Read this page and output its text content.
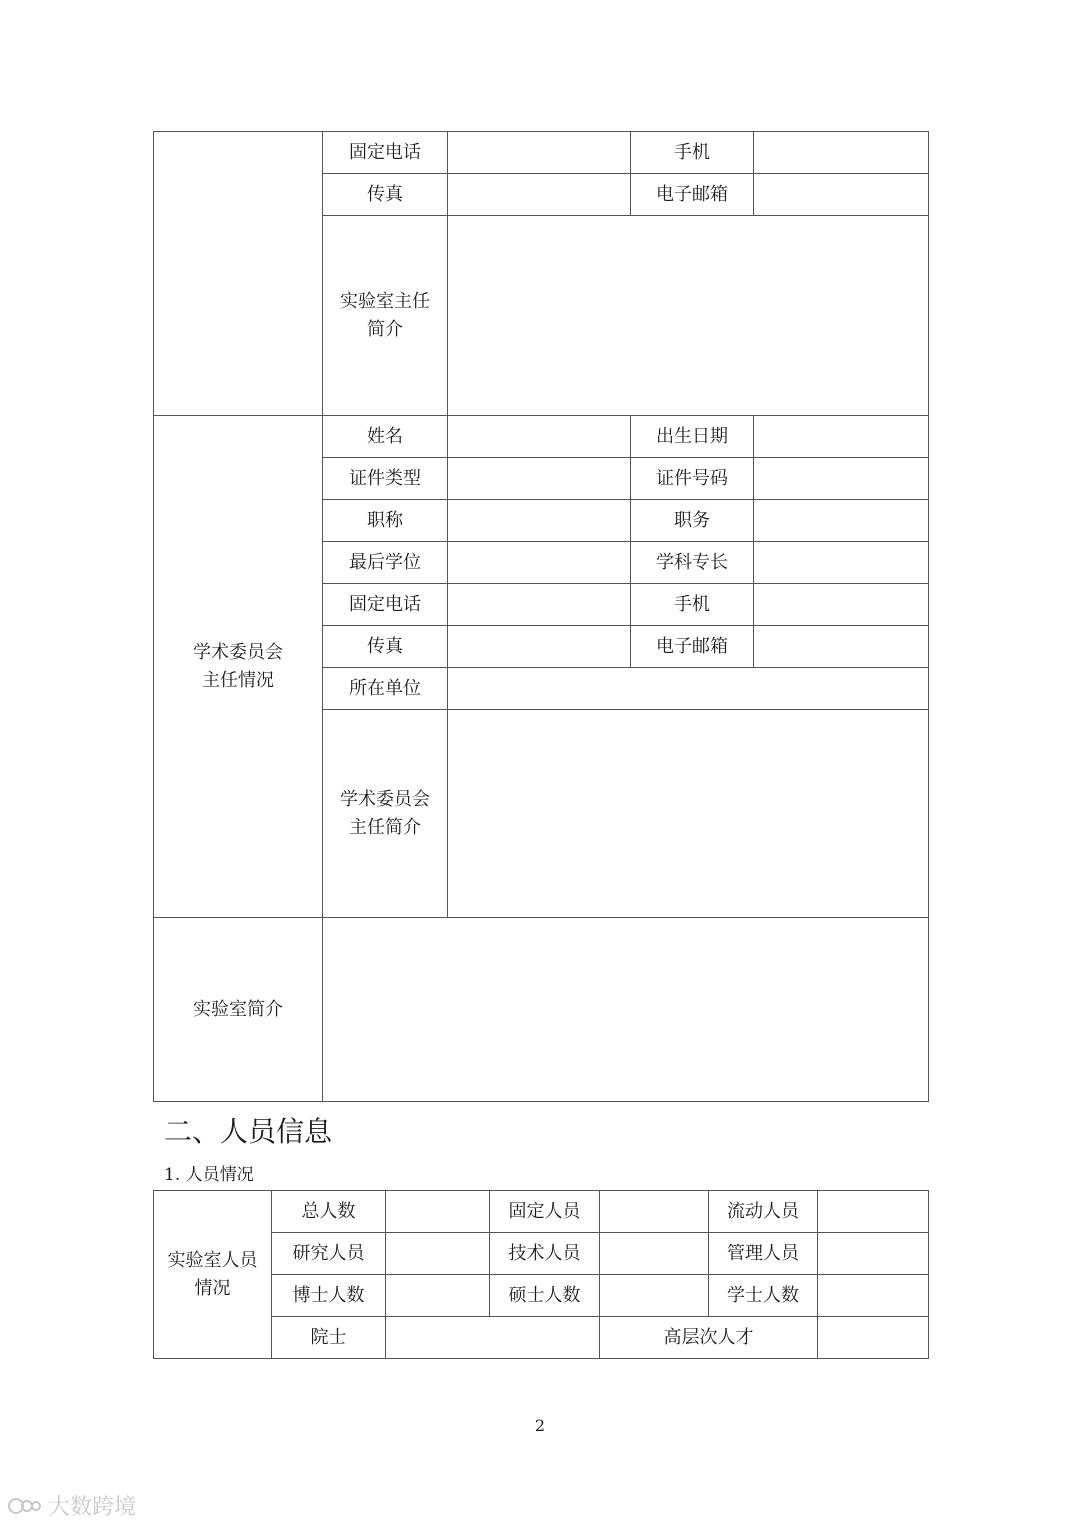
	固定电话		手机	
	传真		电子邮箱	
	实验室主任
简介			
学术委员会
主任情况	姓名		出生日期	
	证件类型		证件号码	
	职称		职务	
	最后学位		学科专长	
	固定电话		手机	
	传真		电子邮箱	
	所在单位			
	学术委员会
主任简介			
实验室简介				
二、人员信息
1. 人员情况
实验室人员
情况	总人数		固定人员		流动人员	
	研究人员		技术人员		管理人员	
	博士人数		硕士人数		学士人数	
	院士			高层次人才		
2
大数跨境
